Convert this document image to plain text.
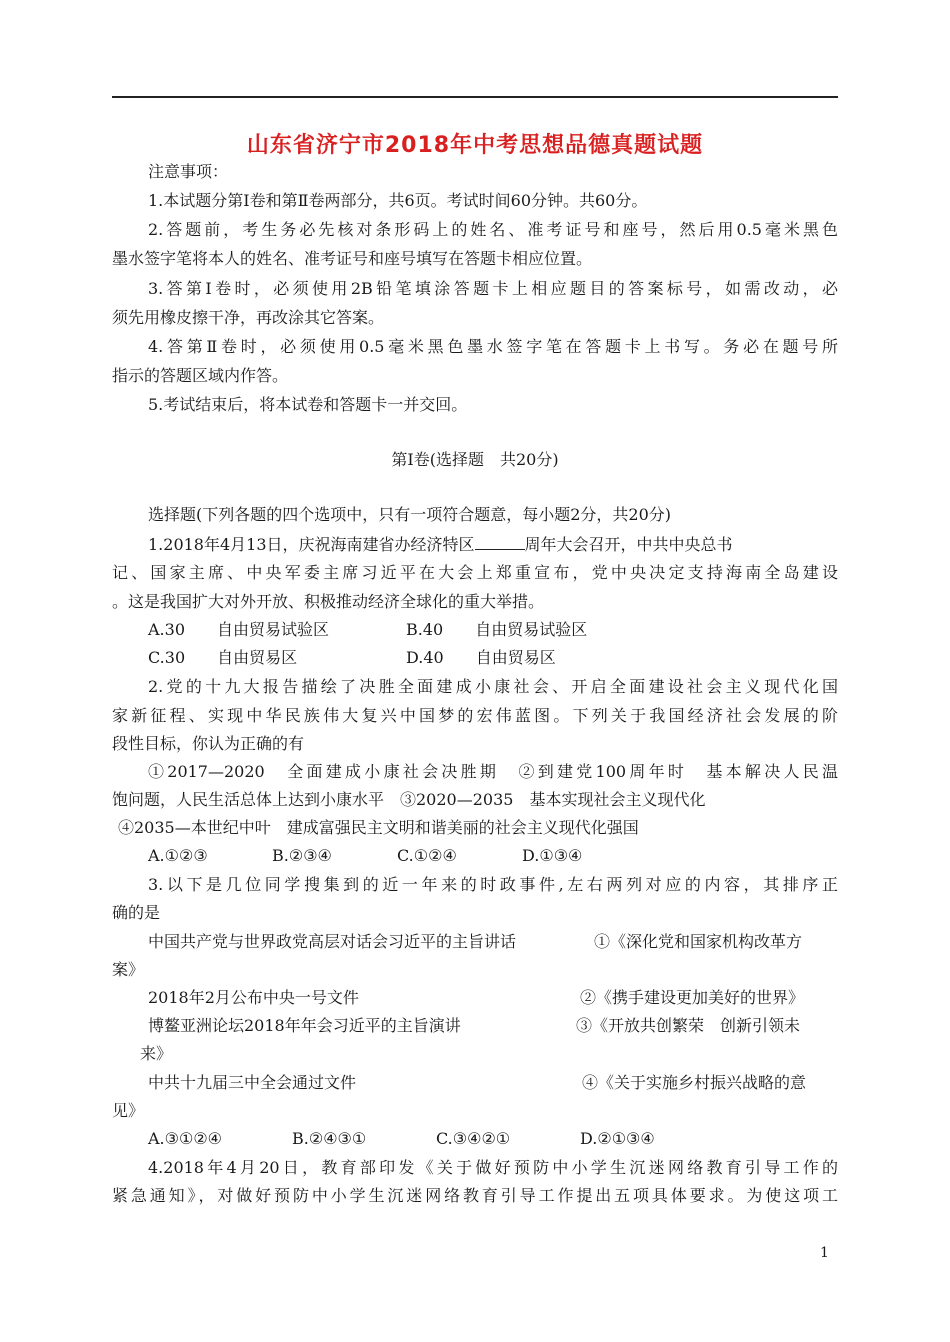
山东省济宁市2018年中考思想品德真题试题
注意事项：
1.本试题分第Ⅰ卷和第Ⅱ卷两部分，共6页。考试时间60分钟。共60分。
2.答题前，考生务必先核对条形码上的姓名、准考证号和座号，然后用0.5毫米黑色
墨水签字笔将本人的姓名、准考证号和座号填写在答题卡相应位置。
3.答第Ⅰ卷时，必须使用2B铅笔填涂答题卡上相应题目的答案标号，如需改动，必
须先用橡皮擦干净，再改涂其它答案。
4.答第Ⅱ卷时，必须使用0.5毫米黑色墨水签字笔在答题卡上书写。务必在题号所
指示的答题区域内作答。
5.考试结束后，将本试卷和答题卡一并交回。
第Ⅰ卷(选择题　共20分)
选择题(下列各题的四个选项中，只有一项符合题意，每小题2分，共20分)
1.2018年4月13日，庆祝海南建省办经济特区	周年大会召开，中共中央总书
记、国家主席、中央军委主席习近平在大会上郑重宣布，党中央决定支持海南全岛建设
。这是我国扩大对外开放、积极推动经济全球化的重大举措。
A.30　　自由贸易试验区	B.40　　自由贸易试验区
C.30　　自由贸易区	D.40　　自由贸易区
2.党的十九大报告描绘了决胜全面建成小康社会、开启全面建设社会主义现代化国
家新征程、实现中华民族伟大复兴中国梦的宏伟蓝图。下列关于我国经济社会发展的阶
段性目标，你认为正确的有
①2017—2020　全面建成小康社会决胜期　②到建党100周年时　基本解决人民温
饱问题，人民生活总体上达到小康水平　③2020—2035　基本实现社会主义现代化
④2035—本世纪中叶　建成富强民主文明和谐美丽的社会主义现代化强国
A.①②③	B.②③④	C.①②④	D.①③④
3.以下是几位同学搜集到的近一年来的时政事件,左右两列对应的内容，其排序正
确的是
中国共产党与世界政党高层对话会习近平的主旨讲话	①《深化党和国家机构改革方
案》
2018年2月公布中央一号文件	②《携手建设更加美好的世界》
博鳌亚洲论坛2018年年会习近平的主旨演讲	③《开放共创繁荣　创新引领未
来》
中共十九届三中全会通过文件	④《关于实施乡村振兴战略的意
见》
A.③①②④	B.②④③①	C.③④②①	D.②①③④
4.2018年4月20日，教育部印发《关于做好预防中小学生沉迷网络教育引导工作的
紧急通知》，对做好预防中小学生沉迷网络教育引导工作提出五项具体要求。为使这项工
1
